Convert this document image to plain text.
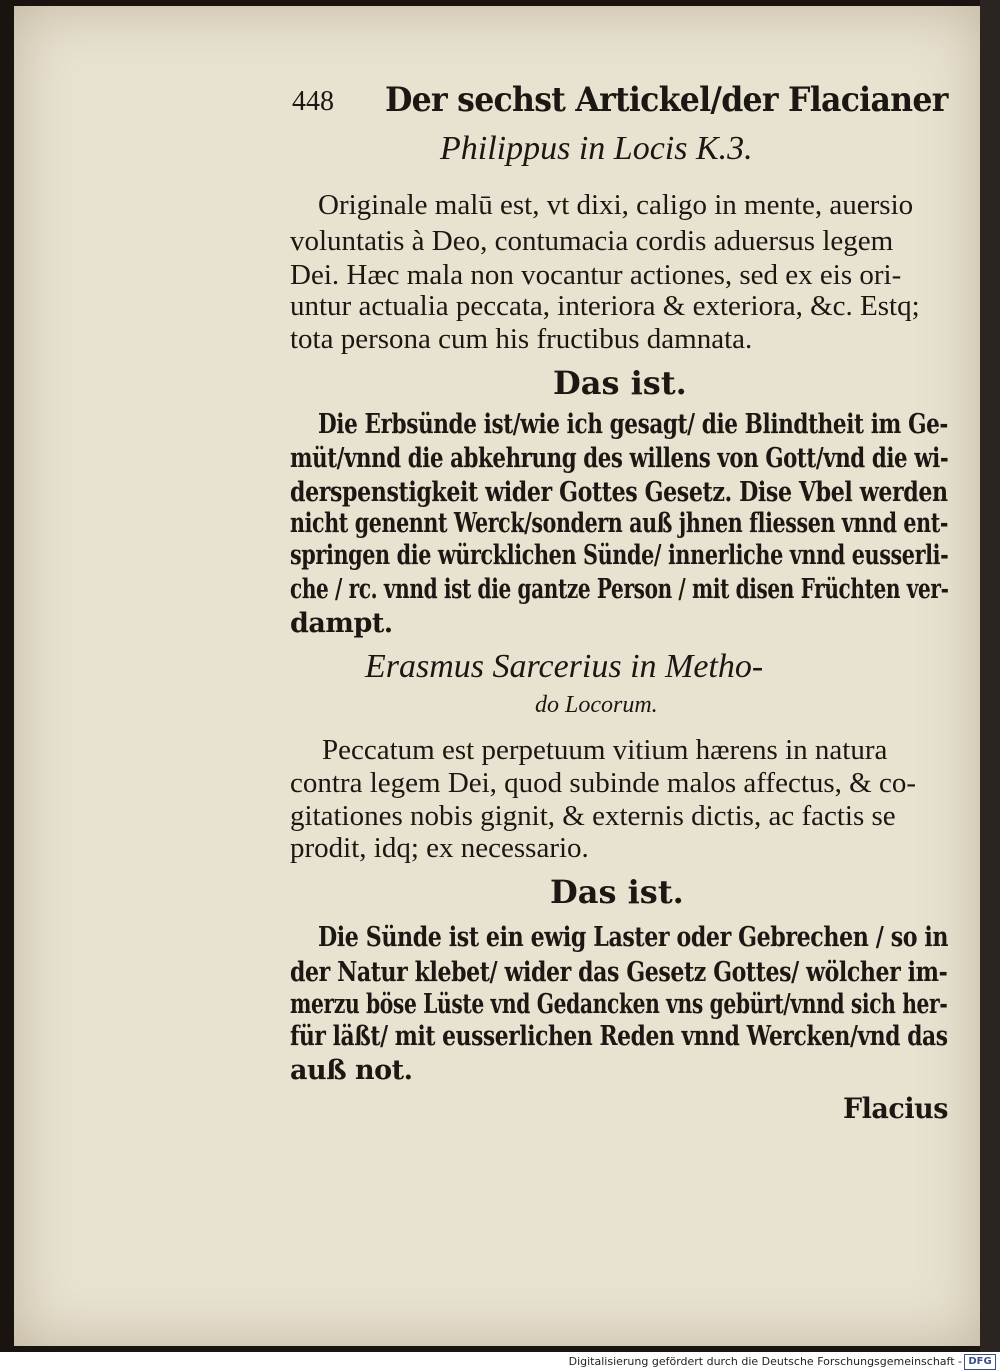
448 Der sechst Artickel/der Flacianer
Philippus in Locis K.3.
Originale malū est, vt dixi, caligo in mente, auersio
voluntatis à Deo, contumacia cordis aduersus legem
Dei. Hæc mala non vocantur actiones, sed ex eis ori-
untur actualia peccata, interiora & exteriora, &c. Estq;
tota persona cum his fructibus damnata.
Das ist.
Die Erbsünde ist/wie ich gesagt/ die Blindtheit im Ge-
müt/vnnd die abkehrung des willens von Gott/vnd die wi-
derspenstigkeit wider Gottes Gesetz. Dise Vbel werden
nicht genennt Werck/sondern auß jhnen fliessen vnnd ent-
springen die würcklichen Sünde/ innerliche vnnd eusserli-
che / rc. vnnd ist die gantze Person / mit disen Früchten ver-
dampt.
Erasmus Sarcerius in Metho-
do Locorum.
Peccatum est perpetuum vitium hærens in natura
contra legem Dei, quod subinde malos affectus, & co-
gitationes nobis gignit, & externis dictis, ac factis se
prodit, idq; ex necessario.
Das ist.
Die Sünde ist ein ewig Laster oder Gebrechen / so in
der Natur klebet/ wider das Gesetz Gottes/ wölcher im-
merzu böse Lüste vnd Gedancken vns gebürt/vnnd sich her-
für läßt/ mit eusserlichen Reden vnnd Wercken/vnd das
auß not.
Flacius
Digitalisierung gefördert durch die Deutsche Forschungsgemeinschaft - DFG
